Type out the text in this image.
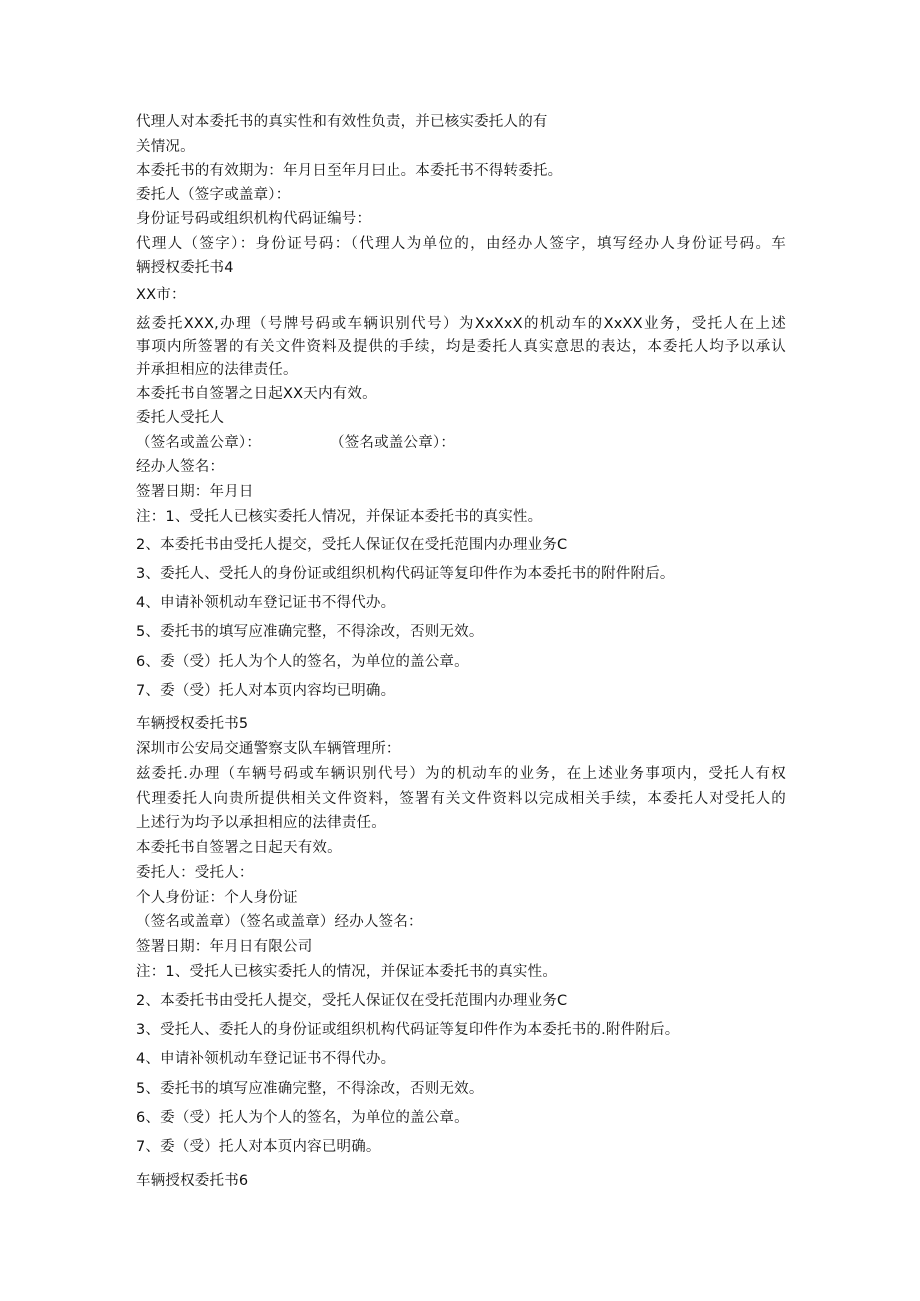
代理人对本委托书的真实性和有效性负责，并已核实委托人的有
关情况。
本委托书的有效期为：年月日至年月曰止。本委托书不得转委托。
委托人（签字或盖章）：
身份证号码或组织机构代码证编号：
代理人（签字）：身份证号码：（代理人为单位的，由经办人签字，填写经办人身份证号码。车
辆授权委托书4
XX市：
兹委托XXX,办理（号牌号码或车辆识别代号）为XxXxX的机动车的XxXX业务，受托人在上述
事项内所签署的有关文件资料及提供的手续，均是委托人真实意思的表达，本委托人均予以承认
并承担相应的法律责任。
本委托书自签署之日起XX天内有效。
委托人受托人
（签名或盖公章）：	（签名或盖公章）：
经办人签名：
签署日期：年月日
注：1、受托人已核实委托人情况，并保证本委托书的真实性。
2、本委托书由受托人提交，受托人保证仅在受托范围内办理业务C
3、委托人、受托人的身份证或组织机构代码证等复印件作为本委托书的附件附后。
4、申请补领机动车登记证书不得代办。
5、委托书的填写应准确完整，不得涂改，否则无效。
6、委（受）托人为个人的签名，为单位的盖公章。
7、委（受）托人对本页内容均已明确。
车辆授权委托书5
深圳市公安局交通警察支队车辆管理所：
兹委托.办理（车辆号码或车辆识别代号）为的机动车的业务，在上述业务事项内，受托人有权
代理委托人向贵所提供相关文件资料，签署有关文件资料以完成相关手续，本委托人对受托人的
上述行为均予以承担相应的法律责任。
本委托书自签署之日起天有效。
委托人：受托人：
个人身份证：个人身份证
（签名或盖章）（签名或盖章）经办人签名：
签署日期：年月日有限公司
注：1、受托人已核实委托人的情况，并保证本委托书的真实性。
2、本委托书由受托人提交，受托人保证仅在受托范围内办理业务C
3、受托人、委托人的身份证或组织机构代码证等复印件作为本委托书的.附件附后。
4、申请补领机动车登记证书不得代办。
5、委托书的填写应准确完整，不得涂改，否则无效。
6、委（受）托人为个人的签名，为单位的盖公章。
7、委（受）托人对本页内容已明确。
车辆授权委托书6
